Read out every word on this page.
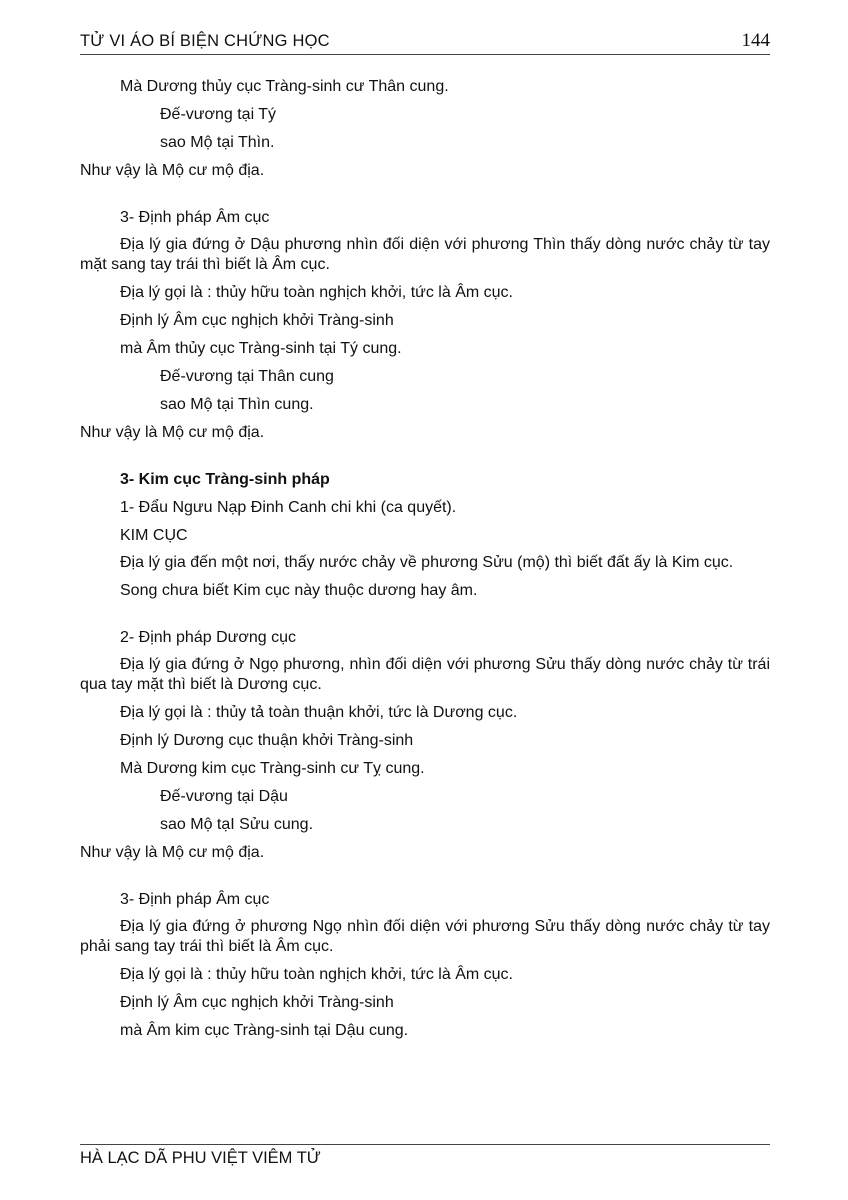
TỬ VI ÁO BÍ BIỆN CHỨNG HỌC	144
Mà Dương thủy cục Tràng-sinh cư Thân cung.
Đế-vương tại Tý
sao Mộ tại Thìn.
Như vậy là Mộ cư mộ địa.
3- Định pháp Âm cục
Địa lý gia đứng ở Dậu phương nhìn đối diện với phương Thìn thấy dòng nước chảy từ tay mặt sang tay trái thì biết là Âm cục.
Địa lý gọi là : thủy hữu toàn nghịch khởi, tức là Âm cục.
Định lý Âm cục nghịch khởi Tràng-sinh
mà Âm thủy cục Tràng-sinh tại Tý cung.
Đế-vương tại Thân cung
sao Mộ tại Thìn cung.
Như vậy là Mộ cư mộ địa.
3- Kim cục Tràng-sinh pháp
1- Đẩu Ngưu Nạp Đinh Canh chi khi (ca quyết).
KIM CỤC
Địa lý gia đến một nơi, thấy nước chảy về phương Sửu (mộ) thì biết đất ấy là Kim cục.
Song chưa biết Kim cục này thuộc dương hay âm.
2- Định pháp Dương cục
Địa lý gia đứng ở Ngọ phương, nhìn đối diện với phương Sửu thấy dòng nước chảy từ trái qua tay mặt thì biết là Dương cục.
Địa lý gọi là : thủy tả toàn thuận khởi, tức là Dương cục.
Định lý Dương cục thuận khởi Tràng-sinh
Mà Dương kim cục Tràng-sinh cư Tỵ cung.
Đế-vương tại Dậu
sao Mộ tạI Sửu cung.
Như vậy là Mộ cư mộ địa.
3- Định pháp Âm cục
Địa lý gia đứng ở phương Ngọ nhìn đối diện với phương Sửu thấy dòng nước chảy từ tay phải sang tay trái thì biết là Âm cục.
Địa lý gọi là : thủy hữu toàn nghịch khởi, tức là Âm cục.
Định lý Âm cục nghịch khởi Tràng-sinh
mà Âm kim cục Tràng-sinh tại Dậu cung.
HÀ LẠC DÃ PHU VIỆT VIÊM TỬ
